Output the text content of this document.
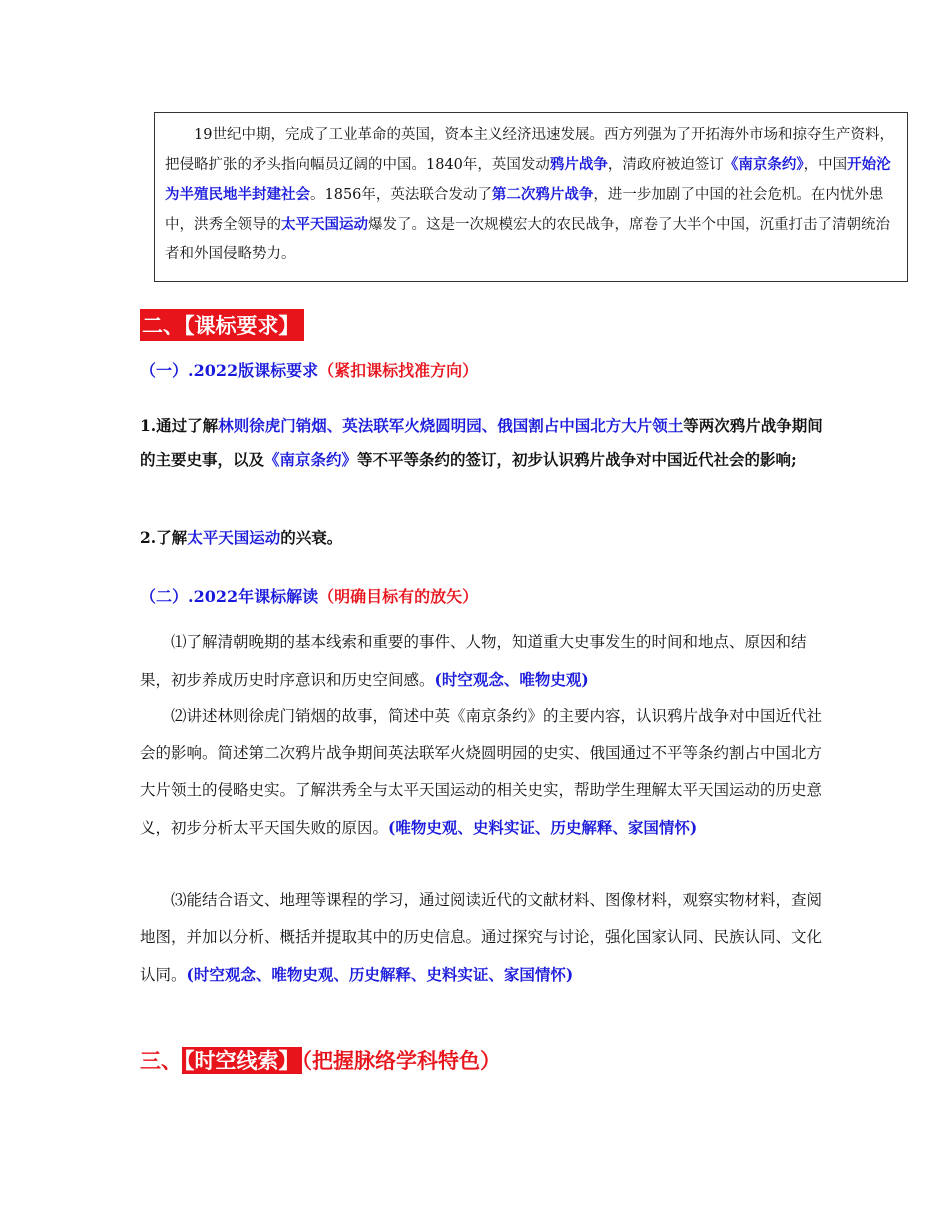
19世纪中期，完成了工业革命的英国，资本主义经济迅速发展。西方列强为了开拓海外市场和掠夺生产资料，把侵略扩张的矛头指向幅员辽阔的中国。1840年，英国发动鸦片战争，清政府被迫签订《南京条约》，中国开始沦为半殖民地半封建社会。1856年，英法联合发动了第二次鸦片战争，进一步加剧了中国的社会危机。在内忧外患中，洪秀全领导的太平天国运动爆发了。这是一次规模宏大的农民战争，席卷了大半个中国，沉重打击了清朝统治者和外国侵略势力。

二、【课标要求】
（一）.2022版课标要求（紧扣课标找准方向）

1.通过了解林则徐虎门销烟、英法联军火烧圆明园、俄国割占中国北方大片领土等两次鸦片战争期间的主要史事，以及《南京条约》等不平等条约的签订，初步认识鸦片战争对中国近代社会的影响;

2.了解太平天国运动的兴衰。

（二）.2022年课标解读（明确目标有的放矢）

⑴了解清朝晚期的基本线索和重要的事件、人物，知道重大史事发生的时间和地点、原因和结果，初步养成历史时序意识和历史空间感。(时空观念、唯物史观)

⑵讲述林则徐虎门销烟的故事，简述中英《南京条约》的主要内容，认识鸦片战争对中国近代社会的影响。简述第二次鸦片战争期间英法联军火烧圆明园的史实、俄国通过不平等条约割占中国北方大片领土的侵略史实。了解洪秀全与太平天国运动的相关史实，帮助学生理解太平天国运动的历史意义，初步分析太平天国失败的原因。(唯物史观、史料实证、历史解释、家国情怀)

⑶能结合语文、地理等课程的学习，通过阅读近代的文献材料、图像材料，观察实物材料，查阅地图，并加以分析、概括并提取其中的历史信息。通过探究与讨论，强化国家认同、民族认同、文化认同。(时空观念、唯物史观、历史解释、史料实证、家国情怀)

三、【时空线索】（把握脉络学科特色）
